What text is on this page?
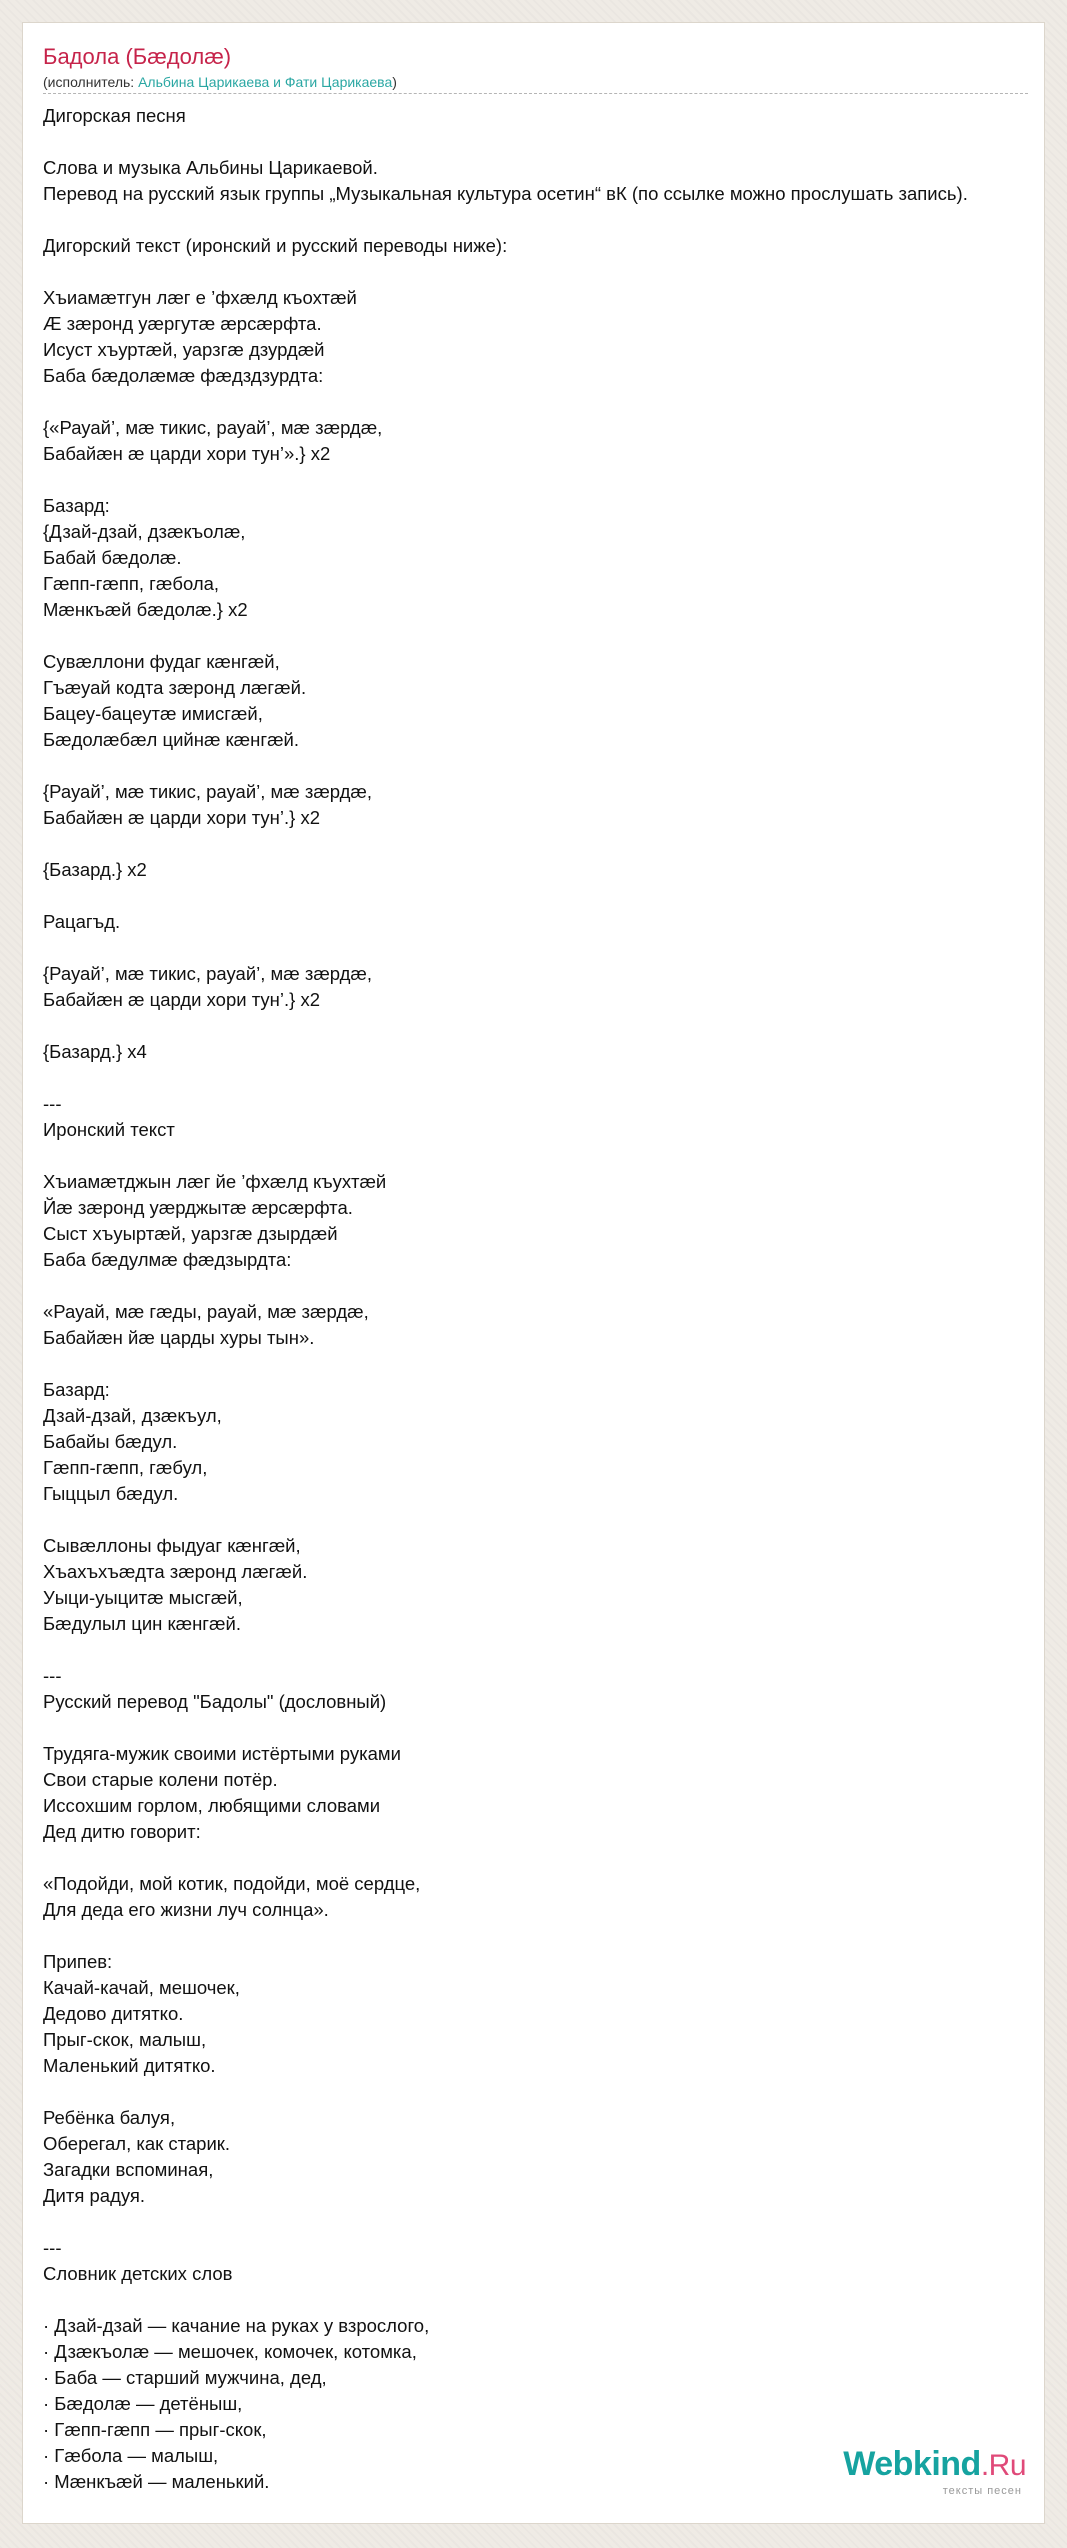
Бадола (Бæдолæ)
(исполнитель: Альбина Царикаева и Фати Царикаева)
Дигорская песня
Слова и музыка Альбины Царикаевой.
Перевод на русский язык группы „Музыкальная культура осетин“ вК (по ссылке можно прослушать запись).
Дигорский текст (иронский и русский переводы ниже):
Хъиамæтгун лæг е ’фхæлд къохтæй
Æ зæронд уæргутæ æрсæрфта.
Исуст хъуртæй, уарзгæ дзурдæй
Баба бæдолæмæ фæдздзурдта:
{«Рауай’, мæ тикис, рауай’, мæ зæрдæ,
Бабайæн æ царди хори тун’».} x2
Базард:
{Дзай-дзай, дзæкъолæ,
Бабай бæдолæ.
Гæпп-гæпп, гæбола,
Мæнкъæй бæдолæ.} x2
Сувæллони фудаг кæнгæй,
Гъæуай кодта зæронд лæгæй.
Бацеу-бацеутæ имисгæй,
Бæдолæбæл цийнæ кæнгæй.
{Рауай’, мæ тикис, рауай’, мæ зæрдæ,
Бабайæн æ царди хори тун’.} x2
{Базард.} x2
Рацагъд.
{Рауай’, мæ тикис, рауай’, мæ зæрдæ,
Бабайæн æ царди хори тун’.} x2
{Базард.} x4
---
Иронский текст
Хъиамæтджын лæг йе ’фхæлд къухтæй
Йæ зæронд уæрджытæ æрсæрфта.
Сыст хъуыртæй, уарзгæ дзырдæй
Баба бæдулмæ фæдзырдта:
«Рауай, мæ гæды, рауай, мæ зæрдæ,
Бабайæн йæ царды хуры тын».
Базард:
Дзай-дзай, дзæкъул,
Бабайы бæдул.
Гæпп-гæпп, гæбул,
Гыццыл бæдул.
Сывæллоны фыдуаг кæнгæй,
Хъахъхъæдта зæронд лæгæй.
Уыци-уыцитæ мысгæй,
Бæдулыл цин кæнгæй.
---
Русский перевод "Бадолы" (дословный)
Трудяга-мужик своими истёртыми руками
Свои старые колени потёр.
Иссохшим горлом, любящими словами
Дед дитю говорит:
«Подойди, мой котик, подойди, моё сердце,
Для деда его жизни луч солнца».
Припев:
Качай-качай, мешочек,
Дедово дитятко.
Прыг-скок, малыш,
Маленький дитятко.
Ребёнка балуя,
Оберегал, как старик.
Загадки вспоминая,
Дитя радуя.
---
Словник детских слов
· Дзай-дзай — качание на руках у взрослого,
· Дзæкъолæ — мешочек, комочек, котомка,
· Баба — старший мужчина, дед,
· Бæдолæ — детёныш,
· Гæпп-гæпп — прыг-скок,
· Гæбола — малыш,
· Мæнкъæй — маленький.	Webkind.Ru
тексты песен
